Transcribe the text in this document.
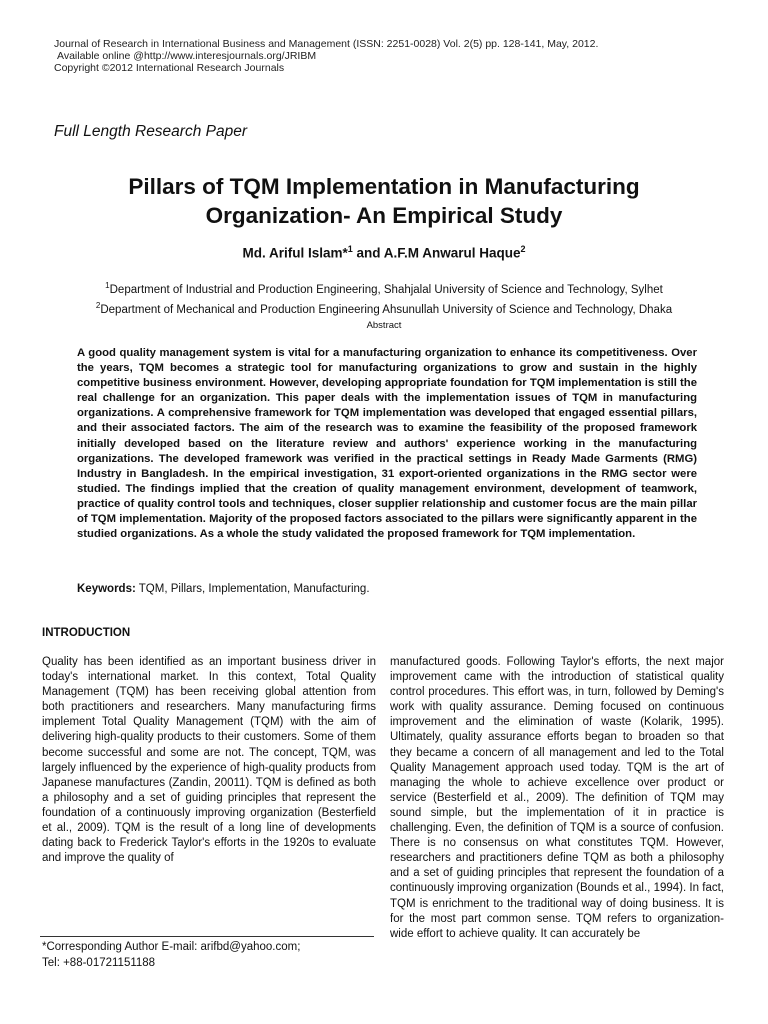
Journal of Research in International Business and Management (ISSN: 2251-0028) Vol. 2(5) pp. 128-141, May, 2012.
Available online @http://www.interesjournals.org/JRIBM
Copyright ©2012 International Research Journals
Full Length Research Paper
Pillars of TQM Implementation in Manufacturing
Organization- An Empirical Study
Md. Ariful Islam*$^1$ and A.F.M Anwarul Haque$^2$
$^1$Department of Industrial and Production Engineering, Shahjalal University of Science and Technology, Sylhet
$^2$Department of Mechanical and Production Engineering Ahsunullah University of Science and Technology, Dhaka
Abstract
A good quality management system is vital for a manufacturing organization to enhance its competitiveness. Over the years, TQM becomes a strategic tool for manufacturing organizations to grow and sustain in the highly competitive business environment. However, developing appropriate foundation for TQM implementation is still the real challenge for an organization. This paper deals with the implementation issues of TQM in manufacturing organizations. A comprehensive framework for TQM implementation was developed that engaged essential pillars, and their associated factors. The aim of the research was to examine the feasibility of the proposed framework initially developed based on the literature review and authors' experience working in the manufacturing organizations. The developed framework was verified in the practical settings in Ready Made Garments (RMG) Industry in Bangladesh. In the empirical investigation, 31 export-oriented organizations in the RMG sector were studied. The findings implied that the creation of quality management environment, development of teamwork, practice of quality control tools and techniques, closer supplier relationship and customer focus are the main pillar of TQM implementation. Majority of the proposed factors associated to the pillars were significantly apparent in the studied organizations. As a whole the study validated the proposed framework for TQM implementation.
Keywords: TQM, Pillars, Implementation, Manufacturing.
INTRODUCTION
Quality has been identified as an important business driver in today's international market. In this context, Total Quality Management (TQM) has been receiving global attention from both practitioners and researchers. Many manufacturing firms implement Total Quality Management (TQM) with the aim of delivering high-quality products to their customers. Some of them become successful and some are not. The concept, TQM, was largely influenced by the experience of high-quality products from Japanese manufactures (Zandin, 20011). TQM is defined as both a philosophy and a set of guiding principles that represent the foundation of a continuously improving organization (Besterfield et al., 2009). TQM is the result of a long line of developments dating back to Frederick Taylor's efforts in the 1920s to evaluate and improve the quality of
manufactured goods. Following Taylor's efforts, the next major improvement came with the introduction of statistical quality control procedures. This effort was, in turn, followed by Deming's work with quality assurance. Deming focused on continuous improvement and the elimination of waste (Kolarik, 1995). Ultimately, quality assurance efforts began to broaden so that they became a concern of all management and led to the Total Quality Management approach used today. TQM is the art of managing the whole to achieve excellence over product or service (Besterfield et al., 2009). The definition of TQM may sound simple, but the implementation of it in practice is challenging. Even, the definition of TQM is a source of confusion. There is no consensus on what constitutes TQM. However, researchers and practitioners define TQM as both a philosophy and a set of guiding principles that represent the foundation of a continuously improving organization (Bounds et al., 1994). In fact, TQM is enrichment to the traditional way of doing business. It is for the most part common sense. TQM refers to organization-wide effort to achieve quality. It can accurately be
*Corresponding Author E-mail: arifbd@yahoo.com;
Tel: +88-01721151188
